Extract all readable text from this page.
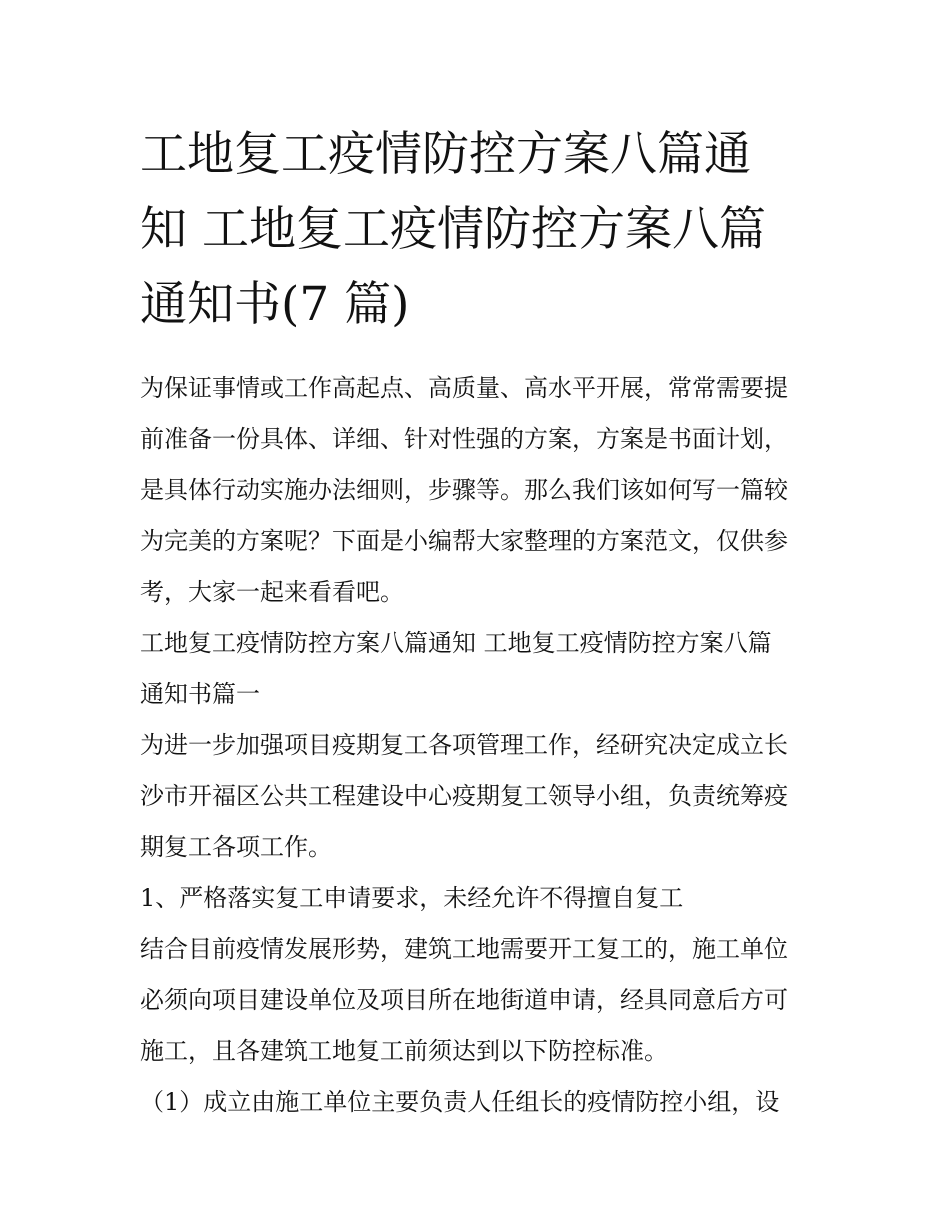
工地复工疫情防控方案八篇通
知 工地复工疫情防控方案八篇
通知书(7 篇)

为保证事情或工作高起点、高质量、高水平开展，常常需要提
前准备一份具体、详细、针对性强的方案，方案是书面计划，
是具体行动实施办法细则，步骤等。那么我们该如何写一篇较
为完美的方案呢？下面是小编帮大家整理的方案范文，仅供参
考，大家一起来看看吧。

工地复工疫情防控方案八篇通知 工地复工疫情防控方案八篇
通知书篇一

为进一步加强项目疫期复工各项管理工作，经研究决定成立长
沙市开福区公共工程建设中心疫期复工领导小组，负责统筹疫
期复工各项工作。

1、严格落实复工申请要求，未经允许不得擅自复工

结合目前疫情发展形势，建筑工地需要开工复工的，施工单位
必须向项目建设单位及项目所在地街道申请，经具同意后方可
施工，且各建筑工地复工前须达到以下防控标准。

（1）成立由施工单位主要负责人任组长的疫情防控小组，设
